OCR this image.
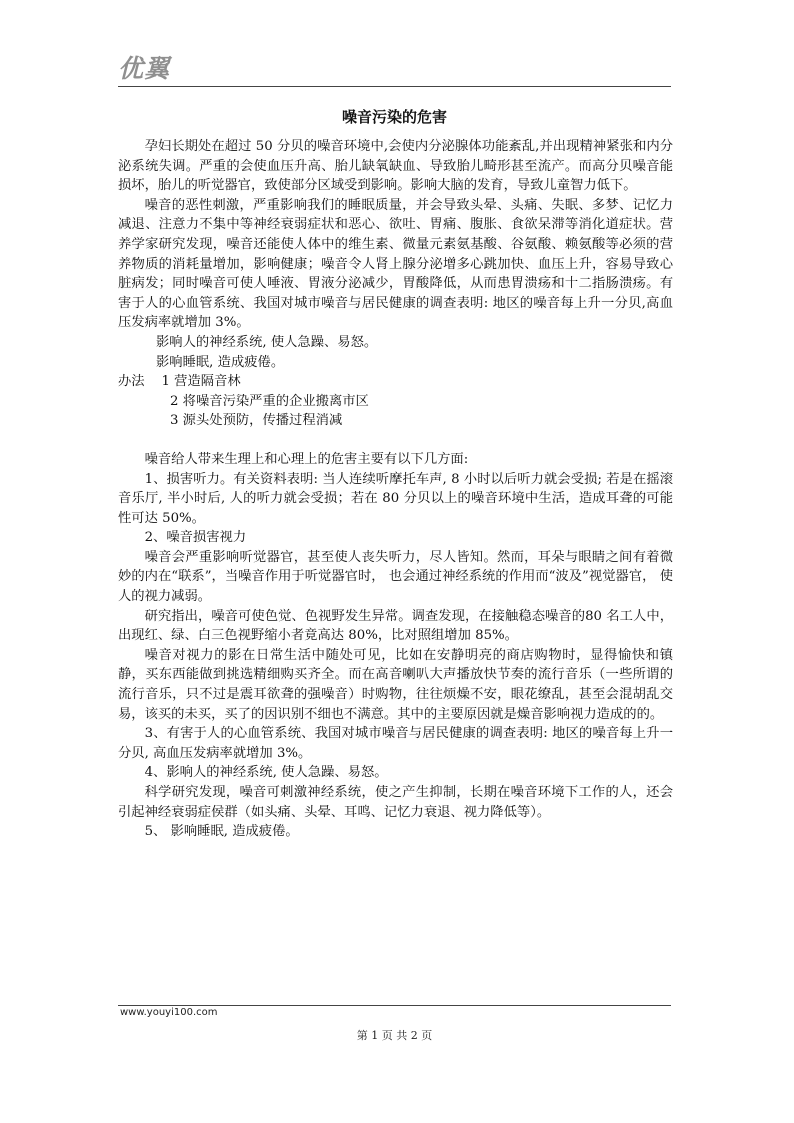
优翼
噪音污染的危害

孕妇长期处在超过 50 分贝的噪音环境中,会使内分泌腺体功能紊乱,并出现精神紧张和内分泌系统失调。严重的会使血压升高、胎儿缺氧缺血、导致胎儿畸形甚至流产。而高分贝噪音能损坏，胎儿的听觉器官，致使部分区域受到影响。影响大脑的发育，导致儿童智力低下。

噪音的恶性刺激，严重影响我们的睡眠质量，并会导致头晕、头痛、失眠、多梦、记忆力减退、注意力不集中等神经衰弱症状和恶心、欲吐、胃痛、腹胀、食欲呆滞等消化道症状。营养学家研究发现，噪音还能使人体中的维生素、微量元素氨基酸、谷氨酸、赖氨酸等必须的营养物质的消耗量增加，影响健康；噪音令人肾上腺分泌增多心跳加快、血压上升，容易导致心脏病发；同时噪音可使人唾液、胃液分泌减少，胃酸降低，从而患胃溃疡和十二指肠溃疡。有害于人的心血管系统、我国对城市噪音与居民健康的调查表明: 地区的噪音每上升一分贝,高血压发病率就增加 3%。

影响人的神经系统, 使人急躁、易怒。

影响睡眠, 造成疲倦。

办法    1 营造隔音林

2 将噪音污染严重的企业搬离市区

3 源头处预防，传播过程消减

噪音给人带来生理上和心理上的危害主要有以下几方面:

1、损害听力。有关资料表明: 当人连续听摩托车声, 8 小时以后听力就会受损; 若是在摇滚音乐厅, 半小时后, 人的听力就会受损；若在 80 分贝以上的噪音环境中生活，造成耳聋的可能性可达 50%。

2、噪音损害视力

噪音会严重影响听觉器官，甚至使人丧失听力，尽人皆知。然而，耳朵与眼睛之间有着微妙的内在“联系”，当噪音作用于听觉器官时， 也会通过神经系统的作用而“波及”视觉器官， 使人的视力减弱。

研究指出，噪音可使色觉、色视野发生异常。调查发现，在接触稳态噪音的80 名工人中，出现红、绿、白三色视野缩小者竟高达 80%，比对照组增加 85%。

噪音对视力的影在日常生活中随处可见，比如在安静明亮的商店购物时，显得愉快和镇静，买东西能做到挑选精细购买齐全。而在高音喇叭大声播放快节奏的流行音乐（一些所谓的流行音乐，只不过是震耳欲聋的强噪音）时购物，往往烦燥不安，眼花缭乱，甚至会混胡乱交易，该买的未买，买了的因识别不细也不满意。其中的主要原因就是燥音影响视力造成的的。

3、有害于人的心血管系统、我国对城市噪音与居民健康的调查表明: 地区的噪音每上升一分贝, 高血压发病率就增加 3%。

4、影响人的神经系统, 使人急躁、易怒。

科学研究发现，噪音可刺激神经系统，使之产生抑制，长期在噪音环境下工作的人，还会引起神经衰弱症侯群（如头痛、头晕、耳鸣、记忆力衰退、视力降低等）。

5、 影响睡眠, 造成疲倦。

www.youyi100.com
第 1 页 共 2 页
